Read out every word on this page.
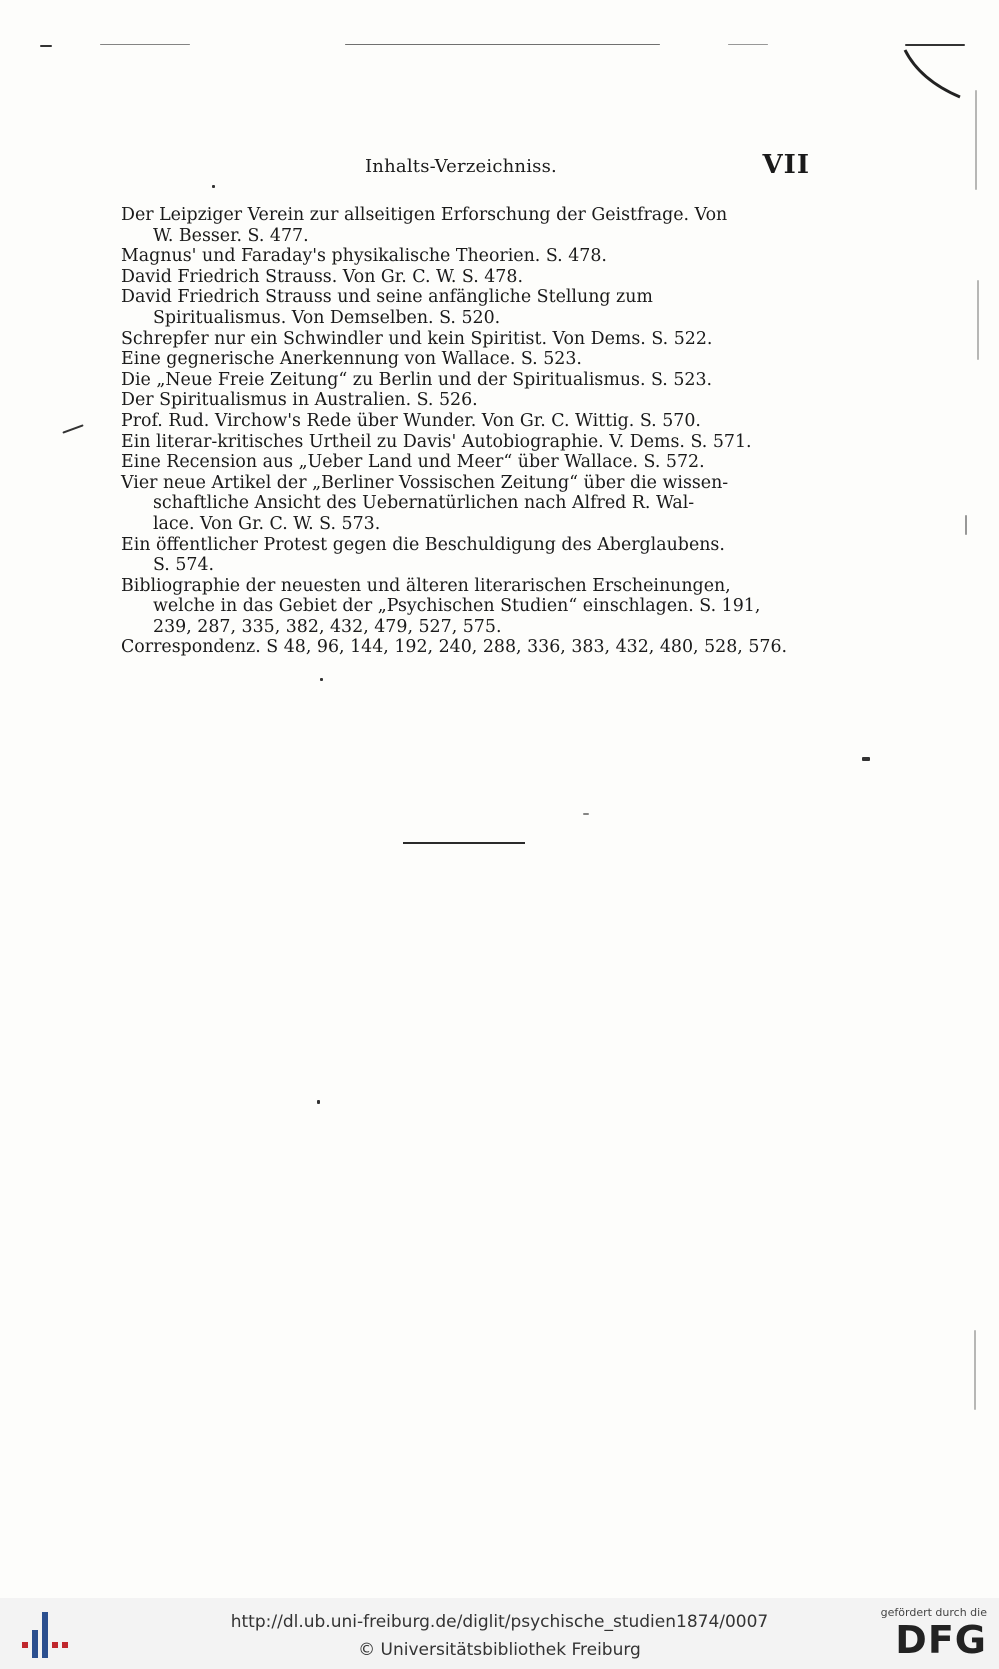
Inhalts-Verzeichniss.	VII
Der Leipziger Verein zur allseitigen Erforschung der Geistfrage. Von
W. Besser. S. 477.
Magnus' und Faraday's physikalische Theorien. S. 478.
David Friedrich Strauss. Von Gr. C. W. S. 478.
David Friedrich Strauss und seine anfängliche Stellung zum
Spiritualismus. Von Demselben. S. 520.
Schrepfer nur ein Schwindler und kein Spiritist. Von Dems. S. 522.
Eine gegnerische Anerkennung von Wallace. S. 523.
Die „Neue Freie Zeitung“ zu Berlin und der Spiritualismus. S. 523.
Der Spiritualismus in Australien. S. 526.
Prof. Rud. Virchow's Rede über Wunder. Von Gr. C. Wittig. S. 570.
Ein literar-kritisches Urtheil zu Davis' Autobiographie. V. Dems. S. 571.
Eine Recension aus „Ueber Land und Meer“ über Wallace. S. 572.
Vier neue Artikel der „Berliner Vossischen Zeitung“ über die wissen-
schaftliche Ansicht des Uebernatürlichen nach Alfred R. Wal-
lace. Von Gr. C. W. S. 573.
Ein öffentlicher Protest gegen die Beschuldigung des Aberglaubens.
S. 574.
Bibliographie der neuesten und älteren literarischen Erscheinungen,
welche in das Gebiet der „Psychischen Studien“ einschlagen. S. 191,
239, 287, 335, 382, 432, 479, 527, 575.
Correspondenz. S 48, 96, 144, 192, 240, 288, 336, 383, 432, 480, 528, 576.
http://dl.ub.uni-freiburg.de/diglit/psychische_studien1874/0007
© Universitätsbibliothek Freiburg
gefördert durch die
DFG
